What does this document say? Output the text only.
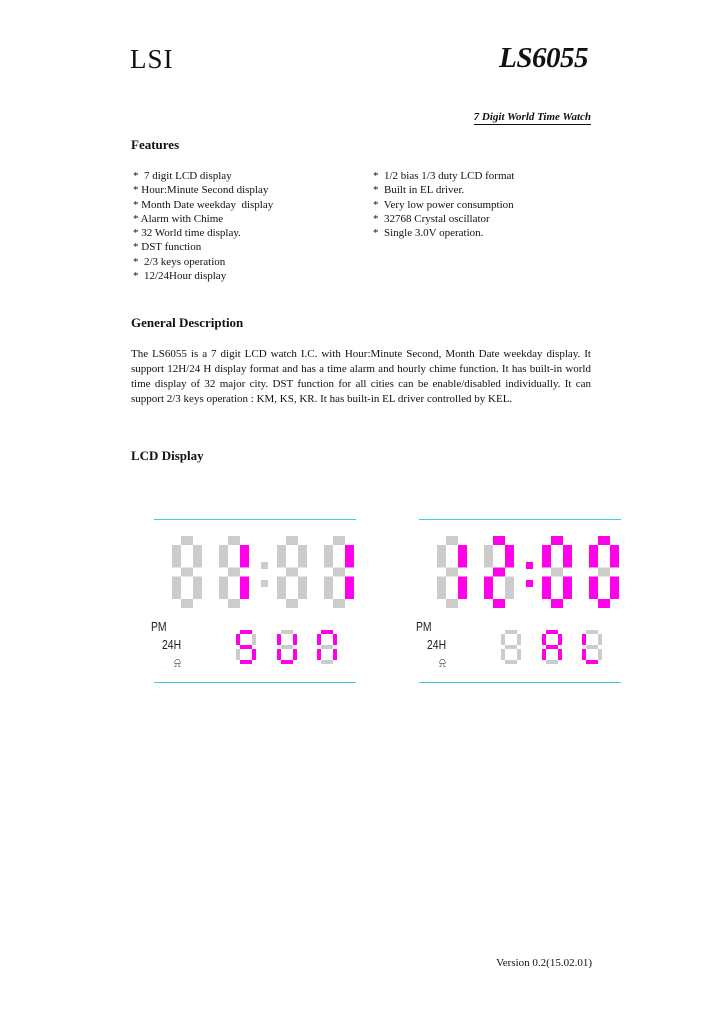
LSI	LS6055
7 Digit World Time Watch
Features
*  7 digit LCD display
* Hour:Minute Second display
* Month Date weekday  display
* Alarm with Chime
* 32 World time display.
* DST function
*  2/3 keys operation
*  12/24Hour display
*  1/2 bias 1/3 duty LCD format
*  Built in EL driver.
*  Very low power consumption
*  32768 Crystal oscillator
*  Single 3.0V operation.
General Description

The LS6055 is a 7 digit LCD watch I.C. with Hour:Minute Second, Month Date weekday display. It support 12H/24 H display format and has a time alarm and hourly chime function. It has built-in world time display of 32 major city. DST function for all cities can be enable/disabled individually. It can support 2/3 keys operation : KM, KS, KR. It has built-in EL driver controlled by KEL.

LCD Display
PM
24H
⍾
PM
24H
⍾
Version 0.2(15.02.01)
